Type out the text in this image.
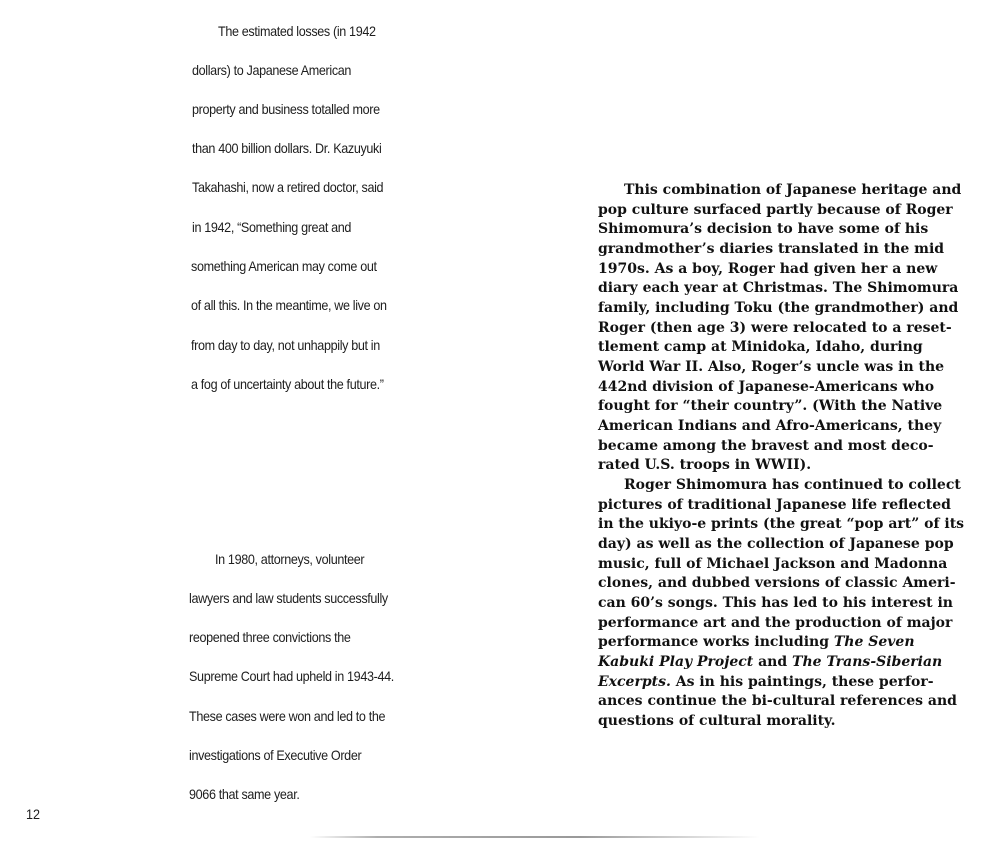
The estimated losses (in 1942
dollars) to Japanese American
property and business totalled more
than 400 billion dollars. Dr. Kazuyuki
Takahashi, now a retired doctor, said
in 1942, “Something great and
something American may come out
of all this. In the meantime, we live on
from day to day, not unhappily but in
a fog of uncertainty about the future.”
In 1980, attorneys, volunteer
lawyers and law students successfully
reopened three convictions the
Supreme Court had upheld in 1943-44.
These cases were won and led to the
investigations of Executive Order
9066 that same year.
12
This combination of Japanese heritage and
pop culture surfaced partly because of Roger
Shimomura’s decision to have some of his
grandmother’s diaries translated in the mid
1970s. As a boy, Roger had given her a new
diary each year at Christmas. The Shimomura
family, including Toku (the grandmother) and
Roger (then age 3) were relocated to a reset-
tlement camp at Minidoka, Idaho, during
World War II. Also, Roger’s uncle was in the
442nd division of Japanese-Americans who
fought for “their country”. (With the Native
American Indians and Afro-Americans, they
became among the bravest and most deco-
rated U.S. troops in WWII).
Roger Shimomura has continued to collect
pictures of traditional Japanese life reflected
in the ukiyo-e prints (the great “pop art” of its
day) as well as the collection of Japanese pop
music, full of Michael Jackson and Madonna
clones, and dubbed versions of classic Ameri-
can 60’s songs. This has led to his interest in
performance art and the production of major
performance works including The Seven
Kabuki Play Project and The Trans-Siberian
Excerpts. As in his paintings, these perfor-
ances continue the bi-cultural references and
questions of cultural morality.
